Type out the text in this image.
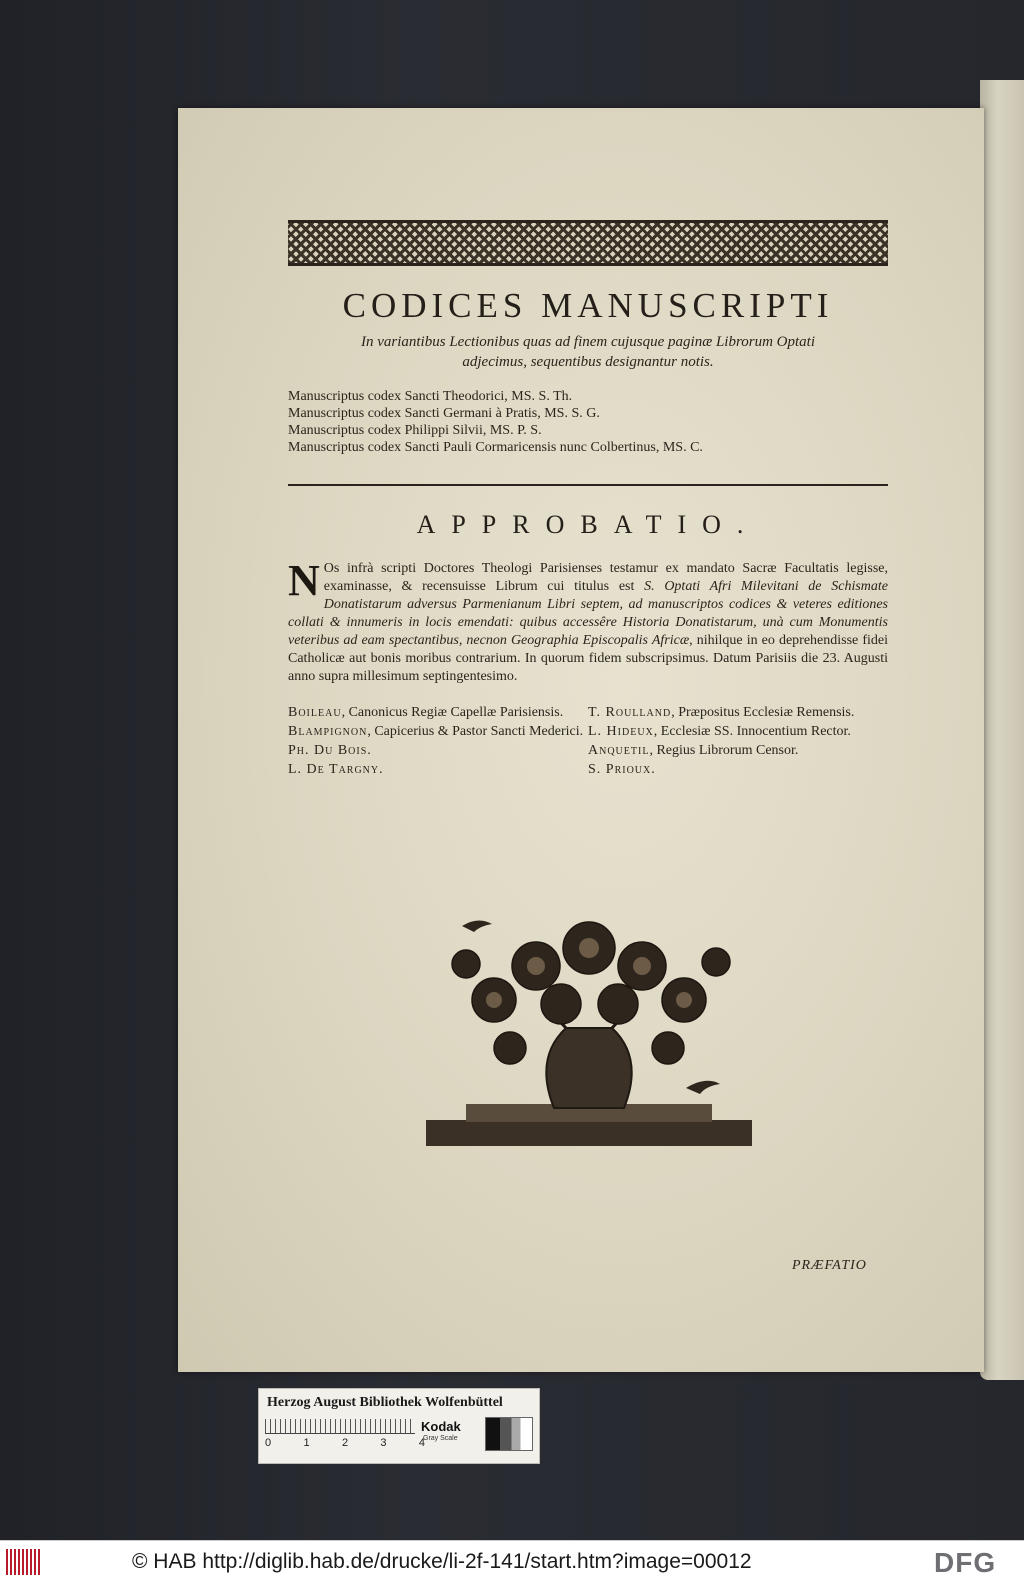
CODICES MANUSCRIPTI
In variantibus Lectionibus quas ad finem cujusque paginæ Librorum Optati adjecimus, sequentibus designantur notis.
Manuscriptus codex Sancti Theodorici, MS. S. Th.
Manuscriptus codex Sancti Germani à Pratis, MS. S. G.
Manuscriptus codex Philippi Silvii, MS. P. S.
Manuscriptus codex Sancti Pauli Cormaricensis nunc Colbertinus, MS. C.
APPROBATIO.
N Os infrà scripti Doctores Theologi Parisienses testamur ex mandato Sacræ Facultatis legisse, examinasse, & recensuisse Librum cui titulus est S. Optati Afri Milevitani de Schismate Donatistarum adversus Parmenianum Libri septem, ad manuscriptos codices & veteres editiones collati & innumeris in locis emendati: quibus accessêre Historia Donatistarum, unà cum Monumentis veteribus ad eam spectantibus, necnon Geographia Episcopalis Africæ, nihilque in eo deprehendisse fidei Catholicæ aut bonis moribus contrarium. In quorum fidem subscripsimus. Datum Parisiis die 23. Augusti anno supra millesimum septingentesimo.
Boileau, Canonicus Regiæ Capellæ Parisiensis.	T. Roulland, Præpositus Ecclesiæ Remensis.
Blampignon, Capicerius & Pastor Sancti Mederici. L. Hideux, Ecclesiæ SS. Innocentium Rector.
Ph. Du Bois.	Anquetil, Regius Librorum Censor.
L. De Targny.	S. Prioux.
PRÆFATIO
Herzog August Bibliothek Wolfenbüttel
0	1	2	3	4
Kodak
Gray Scale
© HAB http://diglib.hab.de/drucke/li-2f-141/start.htm?image=00012	DFG
